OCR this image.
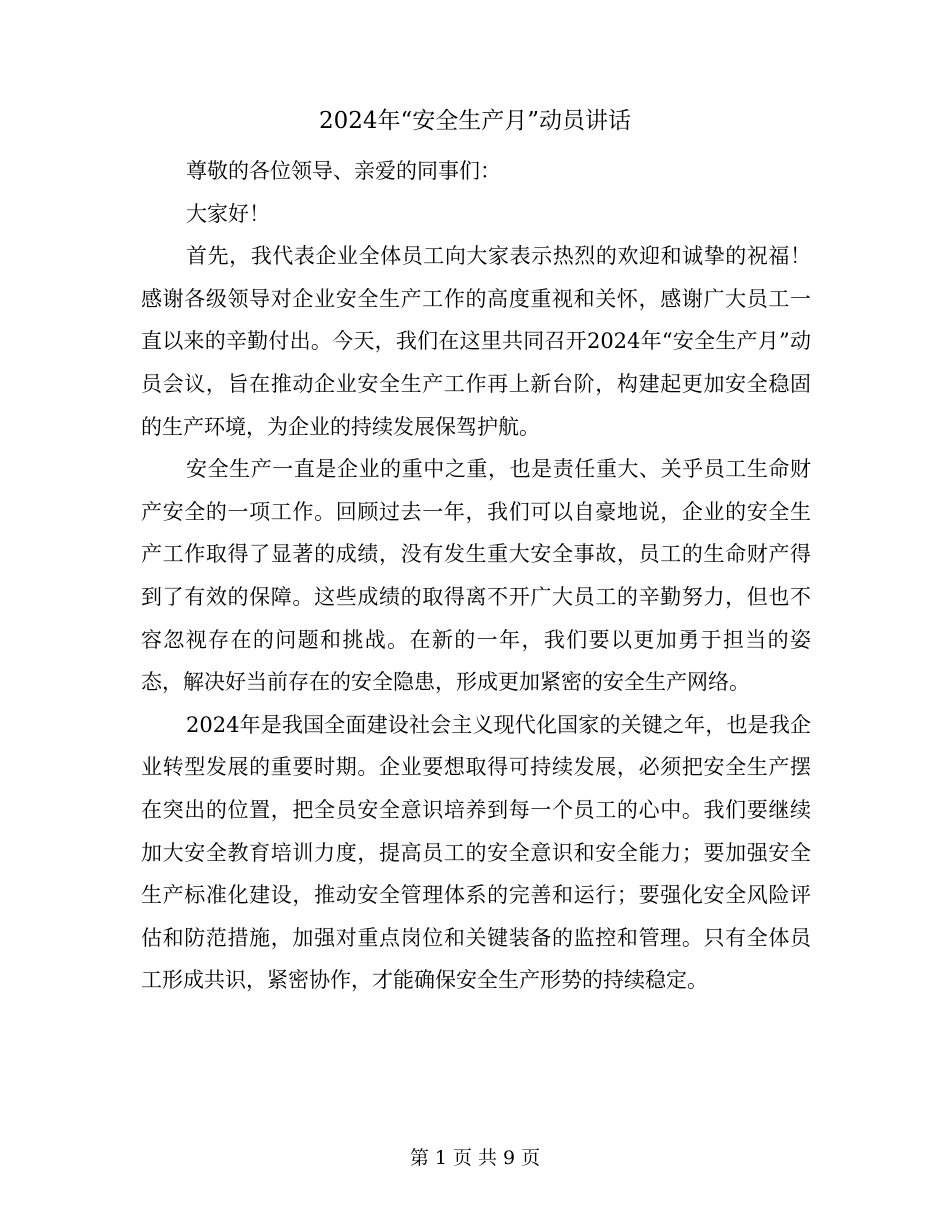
2024年“安全生产月”动员讲话

尊敬的各位领导、亲爱的同事们：

大家好！

首先，我代表企业全体员工向大家表示热烈的欢迎和诚挚的祝福！感谢各级领导对企业安全生产工作的高度重视和关怀，感谢广大员工一直以来的辛勤付出。今天，我们在这里共同召开2024年“安全生产月”动员会议，旨在推动企业安全生产工作再上新台阶，构建起更加安全稳固的生产环境，为企业的持续发展保驾护航。

安全生产一直是企业的重中之重，也是责任重大、关乎员工生命财产安全的一项工作。回顾过去一年，我们可以自豪地说，企业的安全生产工作取得了显著的成绩，没有发生重大安全事故，员工的生命财产得到了有效的保障。这些成绩的取得离不开广大员工的辛勤努力，但也不容忽视存在的问题和挑战。在新的一年，我们要以更加勇于担当的姿态，解决好当前存在的安全隐患，形成更加紧密的安全生产网络。

2024年是我国全面建设社会主义现代化国家的关键之年，也是我企业转型发展的重要时期。企业要想取得可持续发展，必须把安全生产摆在突出的位置，把全员安全意识培养到每一个员工的心中。我们要继续加大安全教育培训力度，提高员工的安全意识和安全能力；要加强安全生产标准化建设，推动安全管理体系的完善和运行；要强化安全风险评估和防范措施，加强对重点岗位和关键装备的监控和管理。只有全体员工形成共识，紧密协作，才能确保安全生产形势的持续稳定。

第 1 页 共 9 页
